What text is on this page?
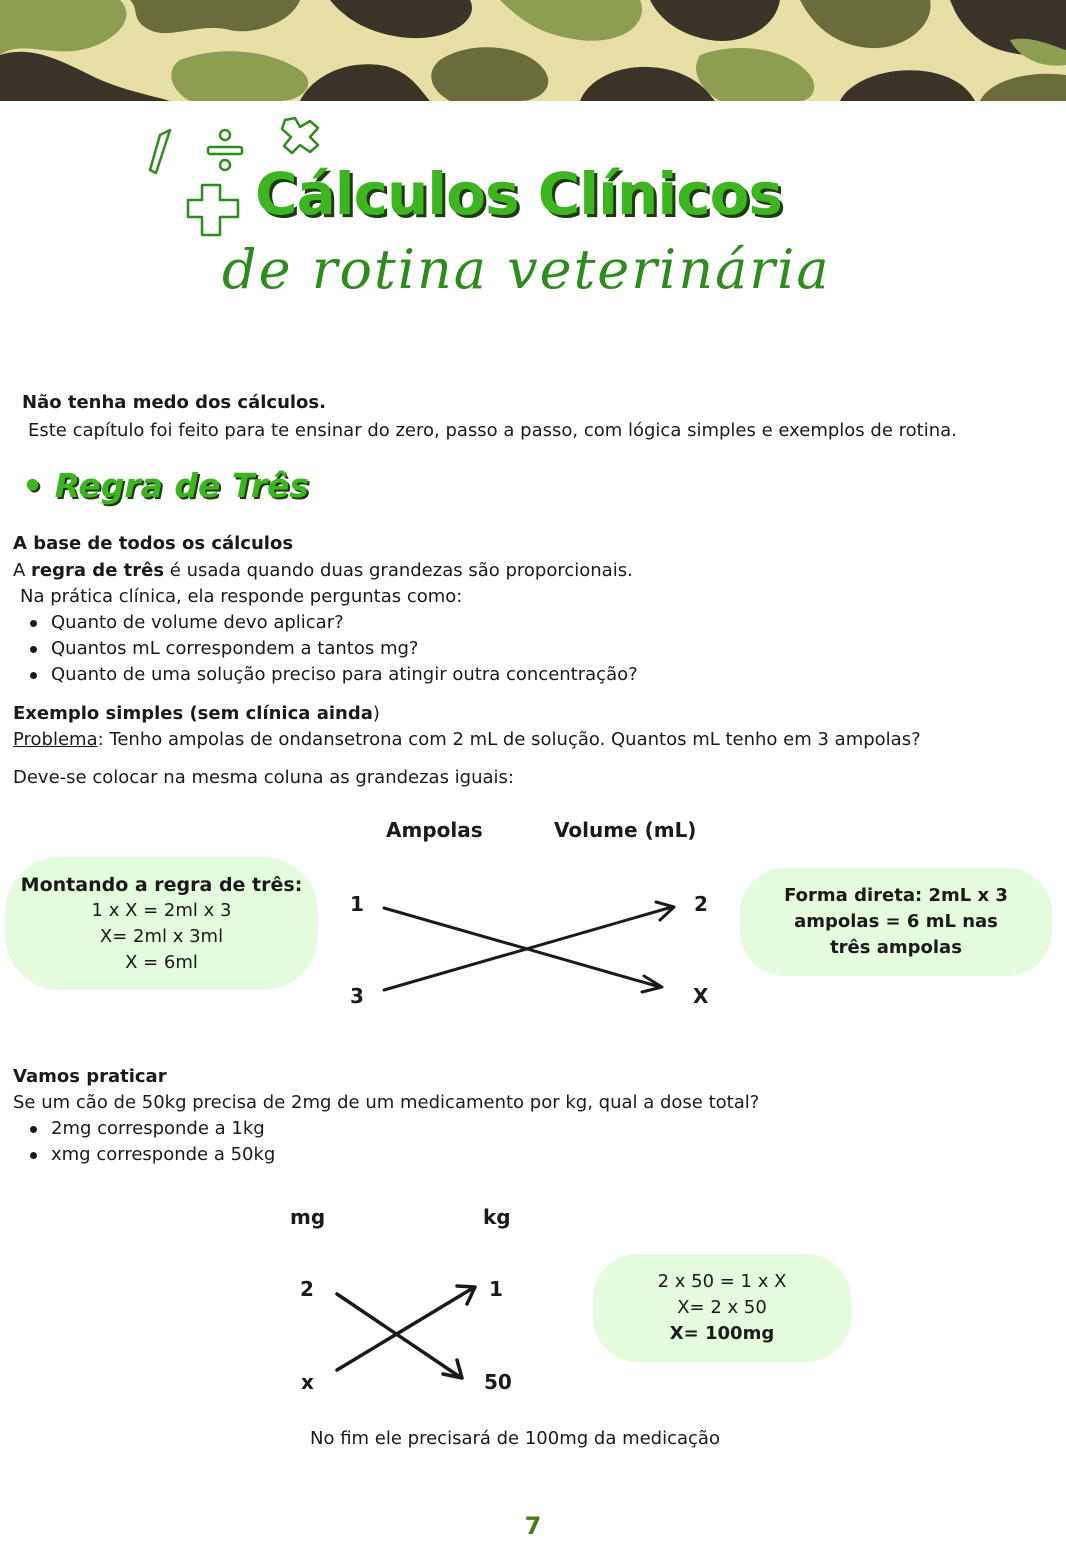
Cálculos Clínicos
de rotina veterinária
Não tenha medo dos cálculos.
Este capítulo foi feito para te ensinar do zero, passo a passo, com lógica simples e exemplos de rotina.
• Regra de Três
A base de todos os cálculos
A regra de três é usada quando duas grandezas são proporcionais.
Na prática clínica, ela responde perguntas como:
Quanto de volume devo aplicar?
Quantos mL correspondem a tantos mg?
Quanto de uma solução preciso para atingir outra concentração?
Exemplo simples (sem clínica ainda)
Problema: Tenho ampolas de ondansetrona com 2 mL de solução. Quantos mL tenho em 3 ampolas?
Deve-se colocar na mesma coluna as grandezas iguais:
Ampolas	Volume (mL)
1	2
3	X
Montando a regra de três:
1 x X = 2ml x 3
X= 2ml x 3ml
X = 6ml
Forma direta: 2mL x 3 ampolas = 6 mL nas três ampolas
Vamos praticar
Se um cão de 50kg precisa de 2mg de um medicamento por kg, qual a dose total?
2mg corresponde a 1kg
xmg corresponde a 50kg
mg	kg
2	1
x	50
2 x 50 = 1 x X
X= 2 x 50
X= 100mg
No fim ele precisará de 100mg da medicação
7
